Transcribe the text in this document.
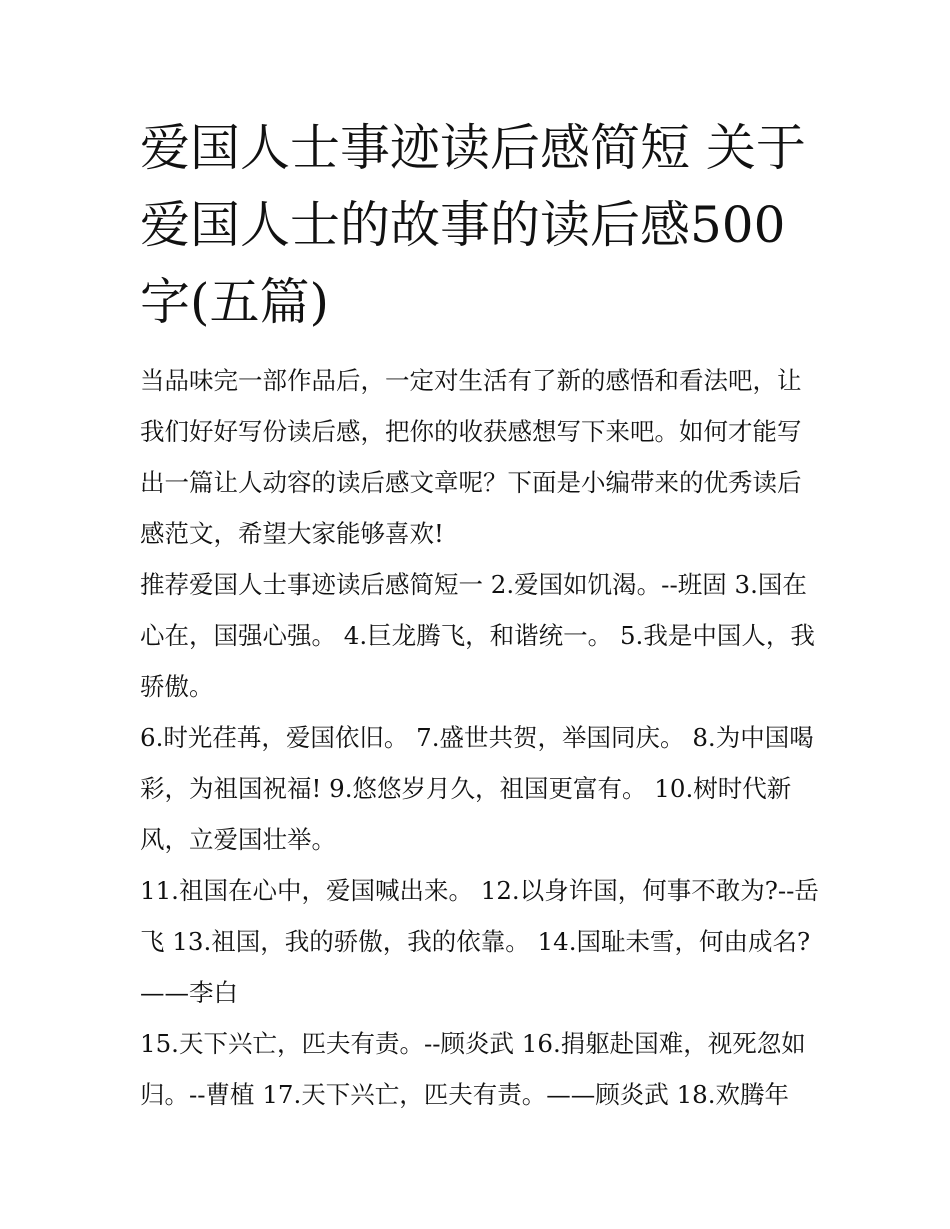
爱国人士事迹读后感简短 关于爱国人士的故事的读后感500字(五篇)

当品味完一部作品后，一定对生活有了新的感悟和看法吧，让我们好好写份读后感，把你的收获感想写下来吧。如何才能写出一篇让人动容的读后感文章呢？下面是小编带来的优秀读后感范文，希望大家能够喜欢!

推荐爱国人士事迹读后感简短一 2.爱国如饥渴。--班固 3.国在心在，国强心强。 4.巨龙腾飞，和谐统一。 5.我是中国人，我骄傲。

6.时光荏苒，爱国依旧。 7.盛世共贺，举国同庆。 8.为中国喝彩，为祖国祝福! 9.悠悠岁月久，祖国更富有。 10.树时代新风，立爱国壮举。

11.祖国在心中，爱国喊出来。 12.以身许国，何事不敢为?--岳飞 13.祖国，我的骄傲，我的依靠。 14.国耻未雪，何由成名?——李白

15.天下兴亡，匹夫有责。--顾炎武 16.捐躯赴国难，视死忽如归。--曹植 17.天下兴亡，匹夫有责。——顾炎武 18.欢腾年
